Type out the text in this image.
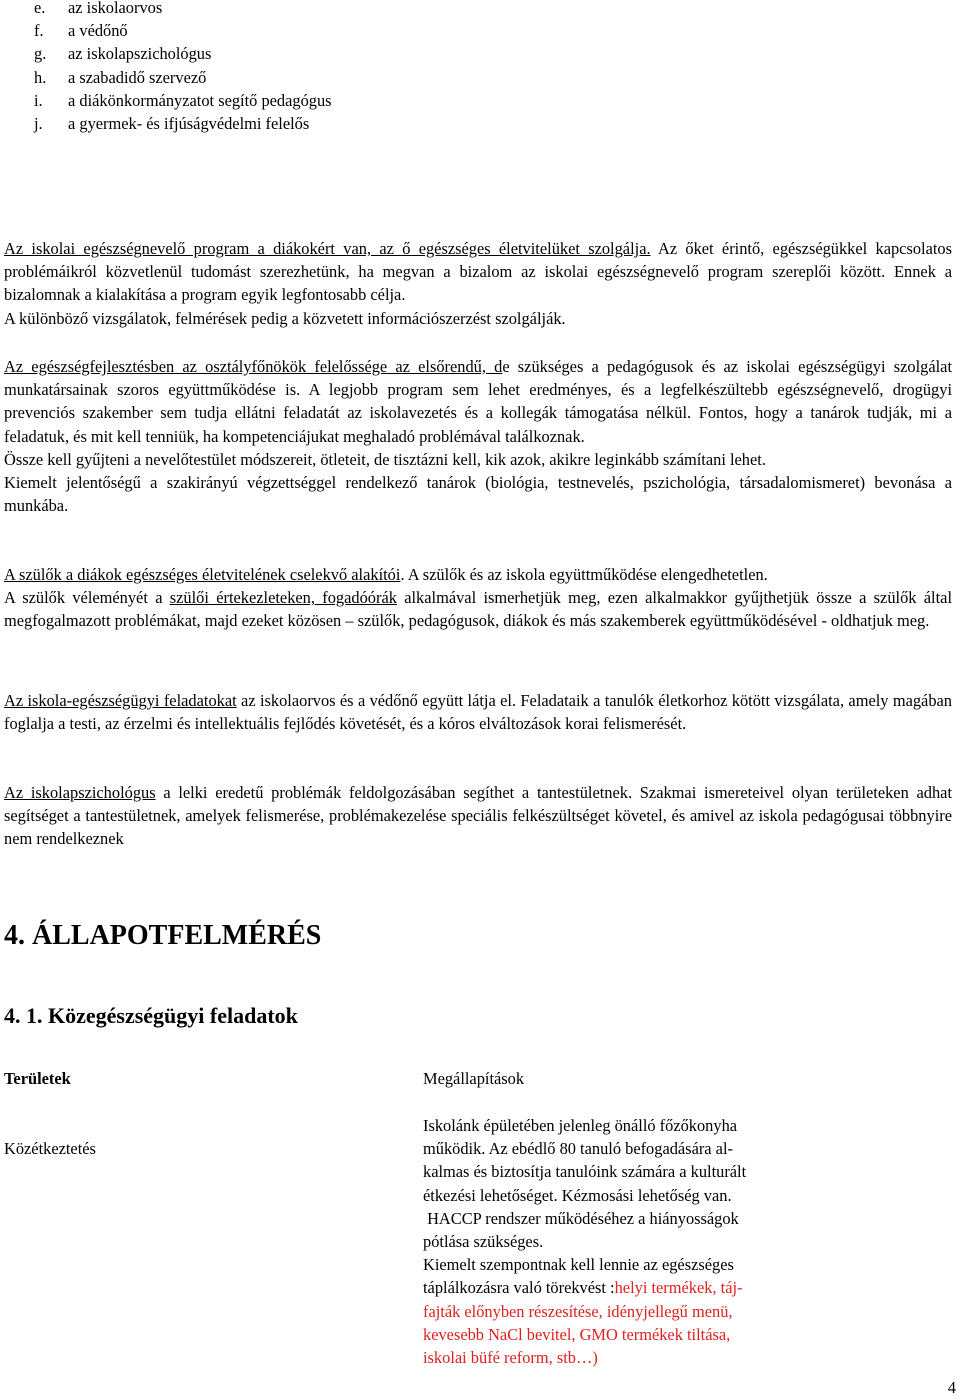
e. az iskolaorvos
f. a védőnő
g. az iskolapszichológus
h. a szabadidő szervező
i. a diákönkormányzatot segítő pedagógus
j. a gyermek- és ifjúságvédelmi felelős

Az iskolai egészségnevelő program a diákokért van, az ő egészséges életvitelüket szolgálja. Az őket érintő, egészségükkel kapcsolatos problémáikról közvetlenül tudomást szerezhetünk, ha megvan a bizalom az iskolai egészségnevelő program szereplői között. Ennek a bizalomnak a kialakítása a program egyik legfontosabb célja.
A különböző vizsgálatok, felmérések pedig a közvetett információszerzést szolgálják.

Az egészségfejlesztésben az osztályfőnökök felelőssége az elsőrendű, de szükséges a pedagógusok és az iskolai egészségügyi szolgálat munkatársainak szoros együttműködése is. A legjobb program sem lehet eredményes, és a legfelkészültebb egészségnevelő, drogügyi prevenciós szakember sem tudja ellátni feladatát az iskolavezetés és a kollegák támogatása nélkül. Fontos, hogy a tanárok tudják, mi a feladatuk, és mit kell tenniük, ha kompetenciájukat meghaladó problémával találkoznak.
Össze kell gyűjteni a nevelőtestület módszereit, ötleteit, de tisztázni kell, kik azok, akikre leginkább számítani lehet.
Kiemelt jelentőségű a szakirányú végzettséggel rendelkező tanárok (biológia, testnevelés, pszichológia, társadalomismeret) bevonása a munkába.

A szülők a diákok egészséges életvitelének cselekvő alakítói. A szülők és az iskola együttműködése elengedhetetlen.
A szülők véleményét a szülői értekezleteken, fogadóórák alkalmával ismerhetjük meg, ezen alkalmakkor gyűjthetjük össze a szülők által megfogalmazott problémákat, majd ezeket közösen – szülők, pedagógusok, diákok és más szakemberek együttműködésével - oldhatjuk meg.

Az iskola-egészségügyi feladatokat az iskolaorvos és a védőnő együtt látja el. Feladataik a tanulók életkorhoz kötött vizsgálata, amely magában foglalja a testi, az érzelmi és intellektuális fejlődés követését, és a kóros elváltozások korai felismerését.

Az iskolapszichológus a lelki eredetű problémák feldolgozásában segíthet a tantestületnek. Szakmai ismereteivel olyan területeken adhat segítséget a tantestületnek, amelyek felismerése, problémakezelése speciális felkészültséget követel, és amivel az iskola pedagógusai többnyire nem rendelkeznek

4. ÁLLAPOTFELMÉRÉS
4. 1. Közegészségügyi feladatok
Területek	Megállapítások
Közétkeztetés
Iskolánk épületében jelenleg önálló főzőkonyha
működik. Az ebédlő 80 tanuló befogadására al-
kalmas és biztosítja tanulóink számára a kulturált
étkezési lehetőséget. Kézmosási lehetőség van.
HACCP rendszer működéséhez a hiányosságok
pótlása szükséges.
Kiemelt szempontnak kell lennie az egészséges
táplálkozásra való törekvést :helyi termékek, táj-
fajták előnyben részesítése, idényjellegű menü,
kevesebb NaCl bevitel, GMO termékek tiltása,
iskolai büfé reform, stb…)
4
